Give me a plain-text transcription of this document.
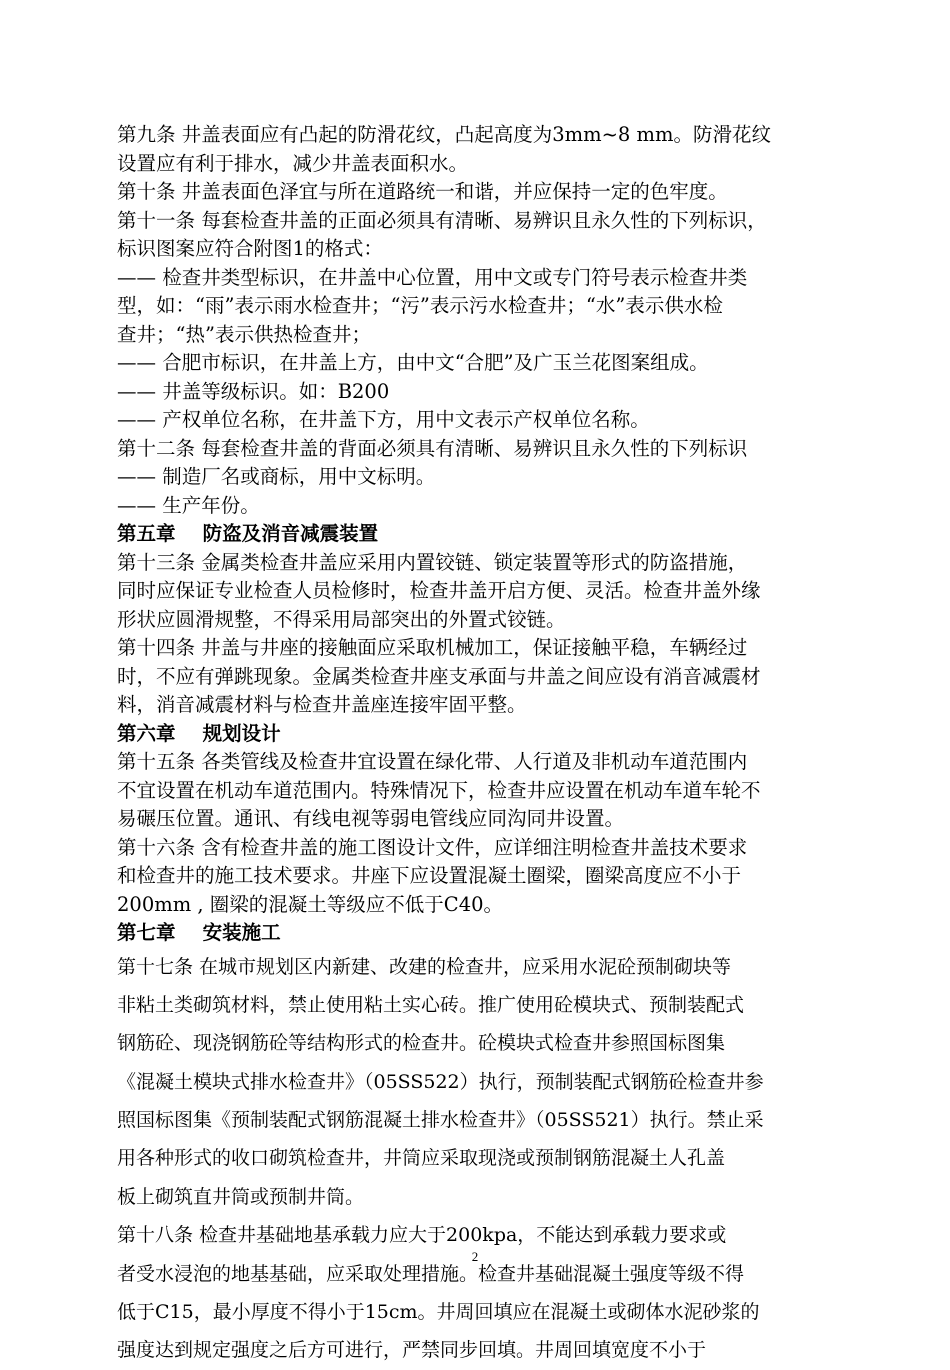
第九条 井盖表面应有凸起的防滑花纹，凸起高度为3mm~8 mm。防滑花纹
设置应有利于排水，减少井盖表面积水。
第十条 井盖表面色泽宜与所在道路统一和谐，并应保持一定的色牢度。
第十一条 每套检查井盖的正面必须具有清晰、易辨识且永久性的下列标识，
标识图案应符合附图1的格式：
—— 检查井类型标识，在井盖中心位置，用中文或专门符号表示检查井类
型，如：“雨”表示雨水检查井；“污”表示污水检查井；“水”表示供水检
查井；“热”表示供热检查井；
—— 合肥市标识，在井盖上方，由中文“合肥”及广玉兰花图案组成。
—— 井盖等级标识。如：B200
—— 产权单位名称，在井盖下方，用中文表示产权单位名称。
第十二条 每套检查井盖的背面必须具有清晰、易辨识且永久性的下列标识
—— 制造厂名或商标，用中文标明。
—— 生产年份。
第五章    防盗及消音减震装置
第十三条 金属类检查井盖应采用内置铰链、锁定装置等形式的防盗措施，
同时应保证专业检查人员检修时，检查井盖开启方便、灵活。检查井盖外缘
形状应圆滑规整，不得采用局部突出的外置式铰链。
第十四条 井盖与井座的接触面应采取机械加工，保证接触平稳，车辆经过
时，不应有弹跳现象。金属类检查井座支承面与井盖之间应设有消音减震材
料，消音减震材料与检查井盖座连接牢固平整。
第六章    规划设计
第十五条 各类管线及检查井宜设置在绿化带、人行道及非机动车道范围内
不宜设置在机动车道范围内。特殊情况下，检查井应设置在机动车道车轮不
易碾压位置。通讯、有线电视等弱电管线应同沟同井设置。
第十六条 含有检查井盖的施工图设计文件，应详细注明检查井盖技术要求
和检查井的施工技术要求。井座下应设置混凝土圈梁，圈梁高度应不小于
200mm , 圈梁的混凝土等级应不低于C40。
第七章    安装施工
第十七条 在城市规划区内新建、改建的检查井，应采用水泥砼预制砌块等
非粘土类砌筑材料，禁止使用粘土实心砖。推广使用砼模块式、预制装配式
钢筋砼、现浇钢筋砼等结构形式的检查井。砼模块式检查井参照国标图集
《混凝土模块式排水检查井》（05SS522）执行，预制装配式钢筋砼检查井参
照国标图集《预制装配式钢筋混凝土排水检查井》（05SS521）执行。禁止采
用各种形式的收口砌筑检查井，井筒应采取现浇或预制钢筋混凝土人孔盖
板上砌筑直井筒或预制井筒。
第十八条 检查井基础地基承载力应大于200kpa，不能达到承载力要求或
者受水浸泡的地基基础，应采取处理措施。检查井基础混凝土强度等级不得
低于C15，最小厚度不得小于15cm。井周回填应在混凝土或砌体水泥砂浆的
强度达到规定强度之后方可进行，严禁同步回填。井周回填宽度不小于
2
